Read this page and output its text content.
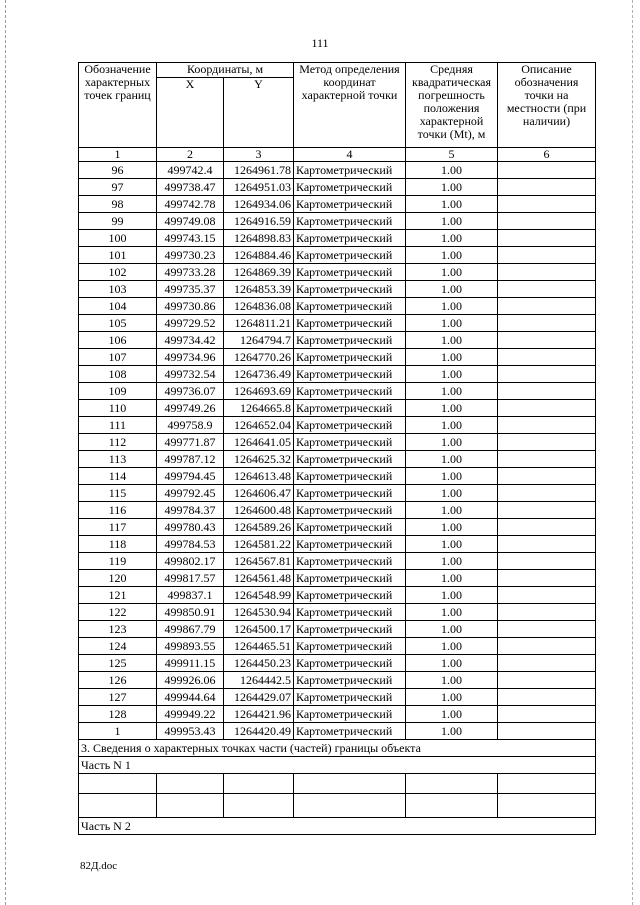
111
Обозначение характерных точек границ	Координаты, м		Метод определения координат характерной точки	Средняя квадратическая погрешность положения характерной точки (Mt), м	Описание обозначения точки на местности (при наличии)
	X	Y			
1	2	3	4	5	6
96	499742.4	1264961.78	Картометрический	1.00	
97	499738.47	1264951.03	Картометрический	1.00	
98	499742.78	1264934.06	Картометрический	1.00	
99	499749.08	1264916.59	Картометрический	1.00	
100	499743.15	1264898.83	Картометрический	1.00	
101	499730.23	1264884.46	Картометрический	1.00	
102	499733.28	1264869.39	Картометрический	1.00	
103	499735.37	1264853.39	Картометрический	1.00	
104	499730.86	1264836.08	Картометрический	1.00	
105	499729.52	1264811.21	Картометрический	1.00	
106	499734.42	1264794.7	Картометрический	1.00	
107	499734.96	1264770.26	Картометрический	1.00	
108	499732.54	1264736.49	Картометрический	1.00	
109	499736.07	1264693.69	Картометрический	1.00	
110	499749.26	1264665.8	Картометрический	1.00	
111	499758.9	1264652.04	Картометрический	1.00	
112	499771.87	1264641.05	Картометрический	1.00	
113	499787.12	1264625.32	Картометрический	1.00	
114	499794.45	1264613.48	Картометрический	1.00	
115	499792.45	1264606.47	Картометрический	1.00	
116	499784.37	1264600.48	Картометрический	1.00	
117	499780.43	1264589.26	Картометрический	1.00	
118	499784.53	1264581.22	Картометрический	1.00	
119	499802.17	1264567.81	Картометрический	1.00	
120	499817.57	1264561.48	Картометрический	1.00	
121	499837.1	1264548.99	Картометрический	1.00	
122	499850.91	1264530.94	Картометрический	1.00	
123	499867.79	1264500.17	Картометрический	1.00	
124	499893.55	1264465.51	Картометрический	1.00	
125	499911.15	1264450.23	Картометрический	1.00	
126	499926.06	1264442.5	Картометрический	1.00	
127	499944.64	1264429.07	Картометрический	1.00	
128	499949.22	1264421.96	Картометрический	1.00	
1	499953.43	1264420.49	Картометрический	1.00	
3. Сведения о характерных точках части (частей) границы объекта					
Часть N 1					

Часть N 2					
82Д.doc
